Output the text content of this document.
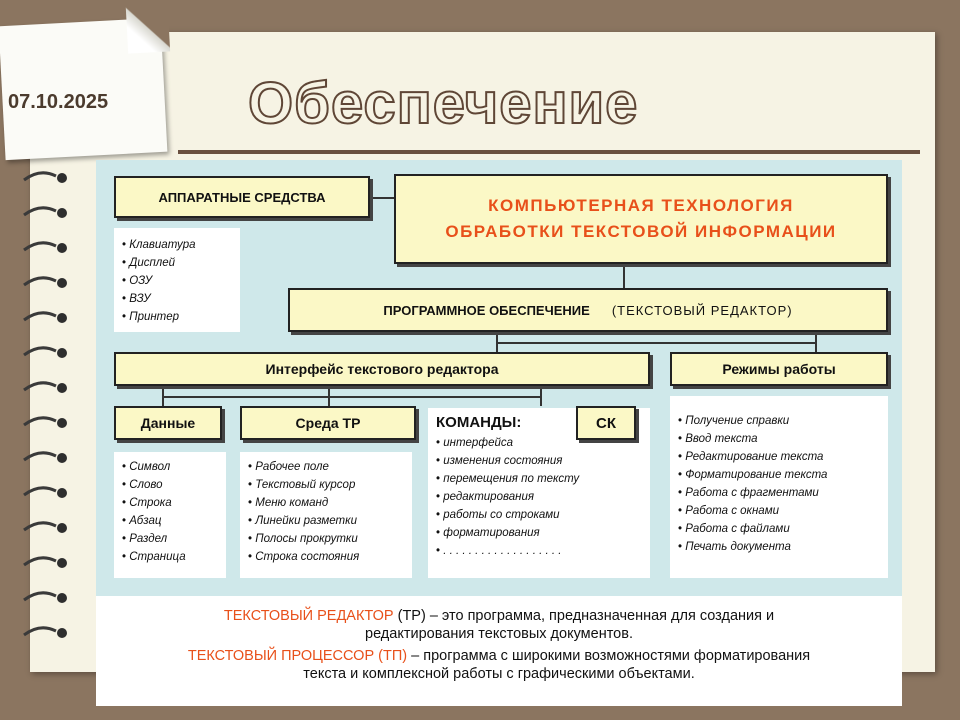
07.10.2025 Обеспечение
АППАРАТНЫЕ СРЕДСТВА
• Клавиатура
• Дисплей
• ОЗУ
• ВЗУ
• Принтер
КОМПЬЮТЕРНАЯ ТЕХНОЛОГИЯ
ОБРАБОТКИ ТЕКСТОВОЙ ИНФОРМАЦИИ
ПРОГРАММНОЕ ОБЕСПЕЧЕНИЕ (ТЕКСТОВЫЙ РЕДАКТОР)
Интерфейс текстового редактора	Режимы работы
Данные	Среда ТР
• Символ
• Слово
• Строка
• Абзац
• Раздел
• Страница
• Рабочее поле
• Текстовый курсор
• Меню команд
• Линейки разметки
• Полосы прокрутки
• Строка состояния
КОМАНДЫ:
• интерфейса
• изменения состояния
• перемещения по тексту
• редактирования
• работы со строками
• форматирования
• . . . . . . . . . . . . . . . . . . .
СК
•	Получение справки
• Ввод текста
• Редактирование текста
• Форматирование текста
• Работа с фрагментами
• Работа с окнами
• Работа с файлами
• Печать документа
ТЕКСТОВЫЙ РЕДАКТОР (ТР) – это программа, предназначенная для создания и
редактирования текстовых документов.
ТЕКСТОВЫЙ ПРОЦЕССОР (ТП) – программа с широкими возможностями форматирования
текста и комплексной работы с графическими объектами.
